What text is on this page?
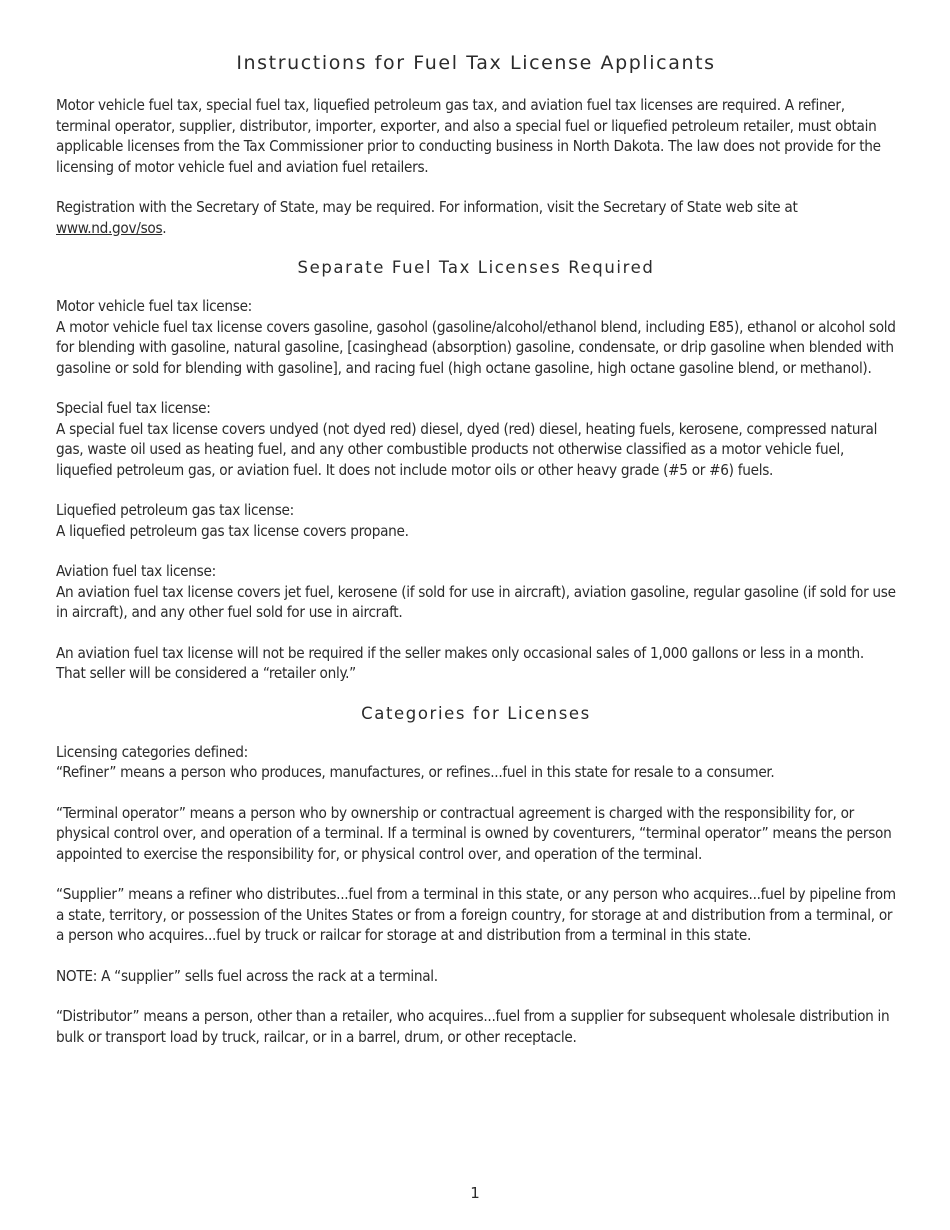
Instructions for Fuel Tax License Applicants

Motor vehicle fuel tax, special fuel tax, liquefied petroleum gas tax, and aviation fuel tax licenses are required. A refiner, terminal operator, supplier, distributor, importer, exporter, and also a special fuel or liquefied petroleum retailer, must obtain applicable licenses from the Tax Commissioner prior to conducting business in North Dakota. The law does not provide for the licensing of motor vehicle fuel and aviation fuel retailers.

Registration with the Secretary of State, may be required. For information, visit the Secretary of State web site at www.nd.gov/sos.

Separate Fuel Tax Licenses Required

Motor vehicle fuel tax license:
A motor vehicle fuel tax license covers gasoline, gasohol (gasoline/alcohol/ethanol blend, including E85), ethanol or alcohol sold for blending with gasoline, natural gasoline, [casinghead (absorption) gasoline, condensate, or drip gasoline when blended with gasoline or sold for blending with gasoline], and racing fuel (high octane gasoline, high octane gasoline blend, or methanol).

Special fuel tax license:
A special fuel tax license covers undyed (not dyed red) diesel, dyed (red) diesel, heating fuels, kerosene, compressed natural gas, waste oil used as heating fuel, and any other combustible products not otherwise classified as a motor vehicle fuel, liquefied petroleum gas, or aviation fuel. It does not include motor oils or other heavy grade (#5 or #6) fuels.

Liquefied petroleum gas tax license:
A liquefied petroleum gas tax license covers propane.

Aviation fuel tax license:
An aviation fuel tax license covers jet fuel, kerosene (if sold for use in aircraft), aviation gasoline, regular gasoline (if sold for use in aircraft), and any other fuel sold for use in aircraft.

An aviation fuel tax license will not be required if the seller makes only occasional sales of 1,000 gallons or less in a month. That seller will be considered a “retailer only.”

Categories for Licenses

Licensing categories defined:
“Refiner” means a person who produces, manufactures, or refines...fuel in this state for resale to a consumer.

“Terminal operator” means a person who by ownership or contractual agreement is charged with the responsibility for, or physical control over, and operation of a terminal. If a terminal is owned by coventurers, “terminal operator” means the person appointed to exercise the responsibility for, or physical control over, and operation of the terminal.

“Supplier” means a refiner who distributes...fuel from a terminal in this state, or any person who acquires...fuel by pipeline from a state, territory, or possession of the Unites States or from a foreign country, for storage at and distribution from a terminal, or a person who acquires...fuel by truck or railcar for storage at and distribution from a terminal in this state.

NOTE: A “supplier” sells fuel across the rack at a terminal.

“Distributor” means a person, other than a retailer, who acquires...fuel from a supplier for subsequent wholesale distribution in bulk or transport load by truck, railcar, or in a barrel, drum, or other receptacle.

1
